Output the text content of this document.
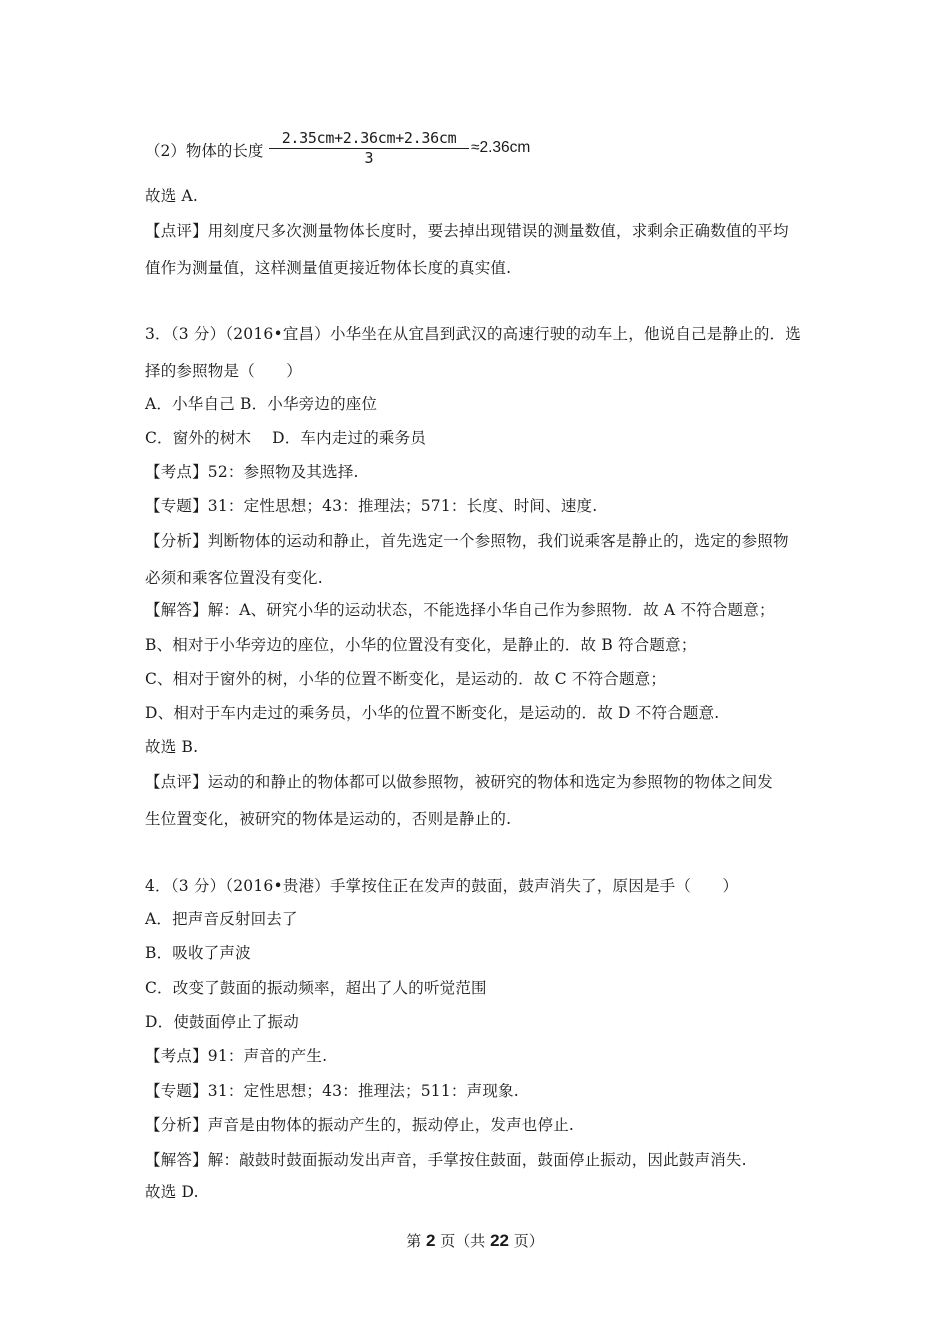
（2）物体的长度 $\frac{2.35cm+2.36cm+2.36cm}{3} \approx 2.36cm$
故选 A.
【点评】用刻度尺多次测量物体长度时，要去掉出现错误的测量数值，求剩余正确数值的平均
值作为测量值，这样测量值更接近物体长度的真实值.
3．（3 分）（2016•宜昌）小华坐在从宜昌到武汉的高速行驶的动车上，他说自己是静止的．选
择的参照物是（　　）
A．小华自己 B．小华旁边的座位
C．窗外的树木　 D．车内走过的乘务员
【考点】52：参照物及其选择.
【专题】31：定性思想；43：推理法；571：长度、时间、速度.
【分析】判断物体的运动和静止，首先选定一个参照物，我们说乘客是静止的，选定的参照物
必须和乘客位置没有变化.
【解答】解：A、研究小华的运动状态，不能选择小华自己作为参照物．故 A 不符合题意；
B、相对于小华旁边的座位，小华的位置没有变化，是静止的．故 B 符合题意；
C、相对于窗外的树，小华的位置不断变化，是运动的．故 C 不符合题意；
D、相对于车内走过的乘务员，小华的位置不断变化，是运动的．故 D 不符合题意.
故选 B.
【点评】运动的和静止的物体都可以做参照物，被研究的物体和选定为参照物的物体之间发
生位置变化，被研究的物体是运动的，否则是静止的.
4．（3 分）（2016•贵港）手掌按住正在发声的鼓面，鼓声消失了，原因是手（　　）
A．把声音反射回去了
B．吸收了声波
C．改变了鼓面的振动频率，超出了人的听觉范围
D．使鼓面停止了振动
【考点】91：声音的产生.
【专题】31：定性思想；43：推理法；511：声现象.
【分析】声音是由物体的振动产生的，振动停止，发声也停止.
【解答】解：敲鼓时鼓面振动发出声音，手掌按住鼓面，鼓面停止振动，因此鼓声消失.
故选 D.
第 2 页（共 22 页）
